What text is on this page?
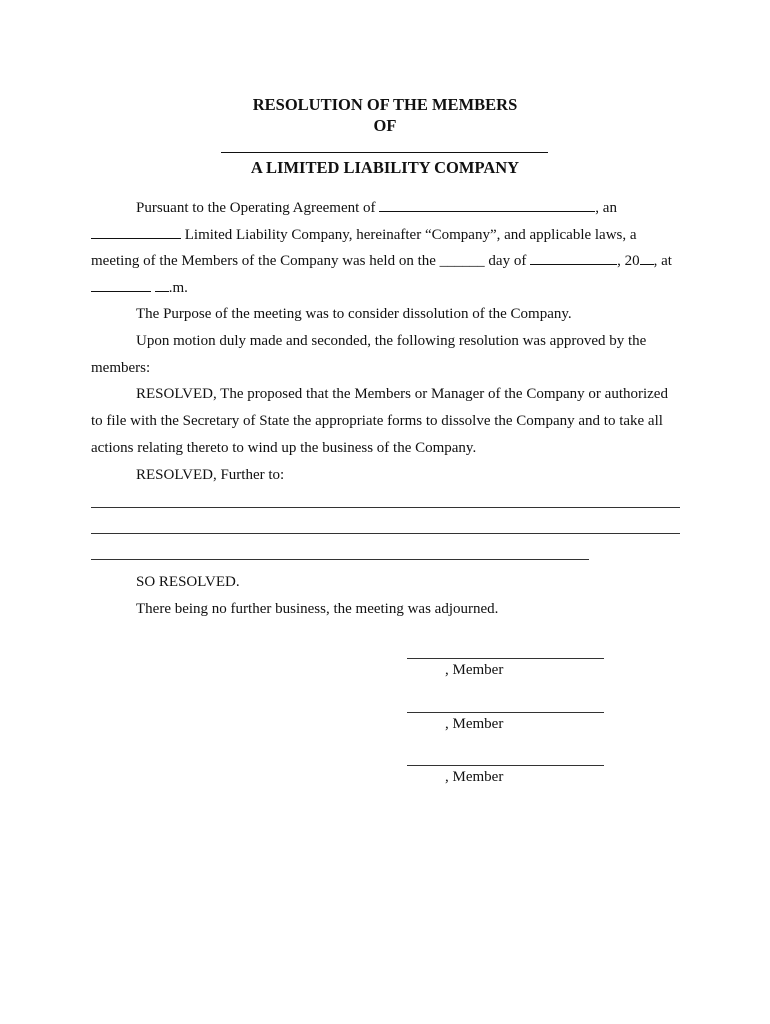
RESOLUTION OF THE MEMBERS
OF
A LIMITED LIABILITY COMPANY
Pursuant to the Operating Agreement of	, an
Limited Liability Company, hereinafter “Company”, and applicable laws, a
meeting of the Members of the Company was held on the ______ day of	, 20 , at
.m.
The Purpose of the meeting was to consider dissolution of the Company.
Upon motion duly made and seconded, the following resolution was approved by the
members:
RESOLVED, The proposed that the Members or Manager of the Company or authorized
to file with the Secretary of State the appropriate forms to dissolve the Company and to take all
actions relating thereto to wind up the business of the Company.
RESOLVED, Further to:
SO RESOLVED.
There being no further business, the meeting was adjourned.
, Member
, Member
, Member
